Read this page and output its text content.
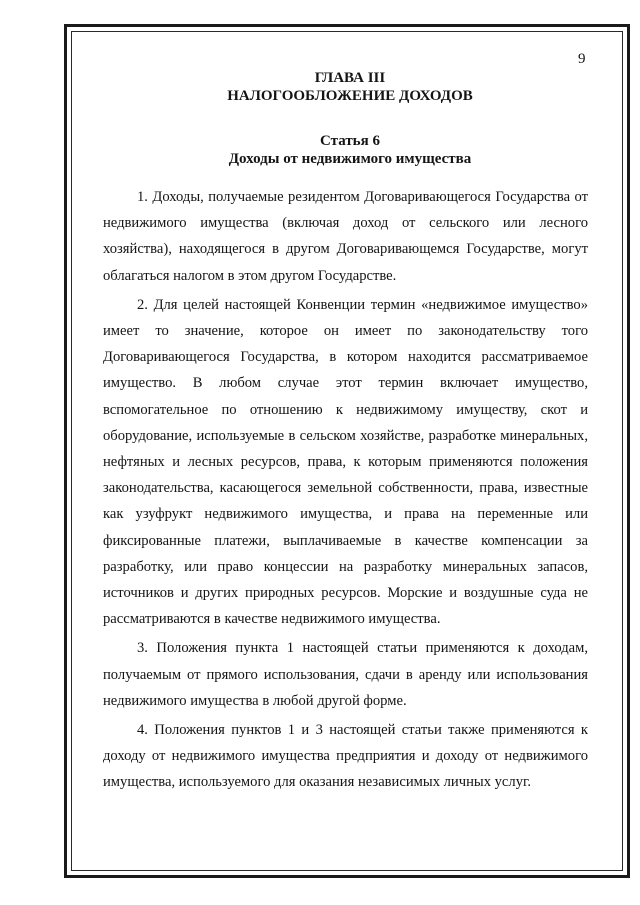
9
ГЛАВА III
НАЛОГООБЛОЖЕНИЕ ДОХОДОВ
Статья 6
Доходы от недвижимого имущества

1. Доходы, получаемые резидентом Договаривающегося Государства от недвижимого имущества (включая доход от сельского или лесного хозяйства), находящегося в другом Договаривающемся Государстве, могут облагаться налогом в этом другом Государстве.

2. Для целей настоящей Конвенции термин «недвижимое имущество» имеет то значение, которое он имеет по законодательству того Договаривающегося Государства, в котором находится рассматриваемое имущество. В любом случае этот термин включает имущество, вспомогательное по отношению к недвижимому имуществу, скот и оборудование, используемые в сельском хозяйстве, разработке минеральных, нефтяных и лесных ресурсов, права, к которым применяются положения законодательства, касающегося земельной собственности, права, известные как узуфрукт недвижимого имущества, и права на переменные или фиксированные платежи, выплачиваемые в качестве компенсации за разработку, или право концессии на разработку минеральных запасов, источников и других природных ресурсов. Морские и воздушные суда не рассматриваются в качестве недвижимого имущества.

3. Положения пункта 1 настоящей статьи применяются к доходам, получаемым от прямого использования, сдачи в аренду или использования недвижимого имущества в любой другой форме.

4. Положения пунктов 1 и 3 настоящей статьи также применяются к доходу от недвижимого имущества предприятия и доходу от недвижимого имущества, используемого для оказания независимых личных услуг.
